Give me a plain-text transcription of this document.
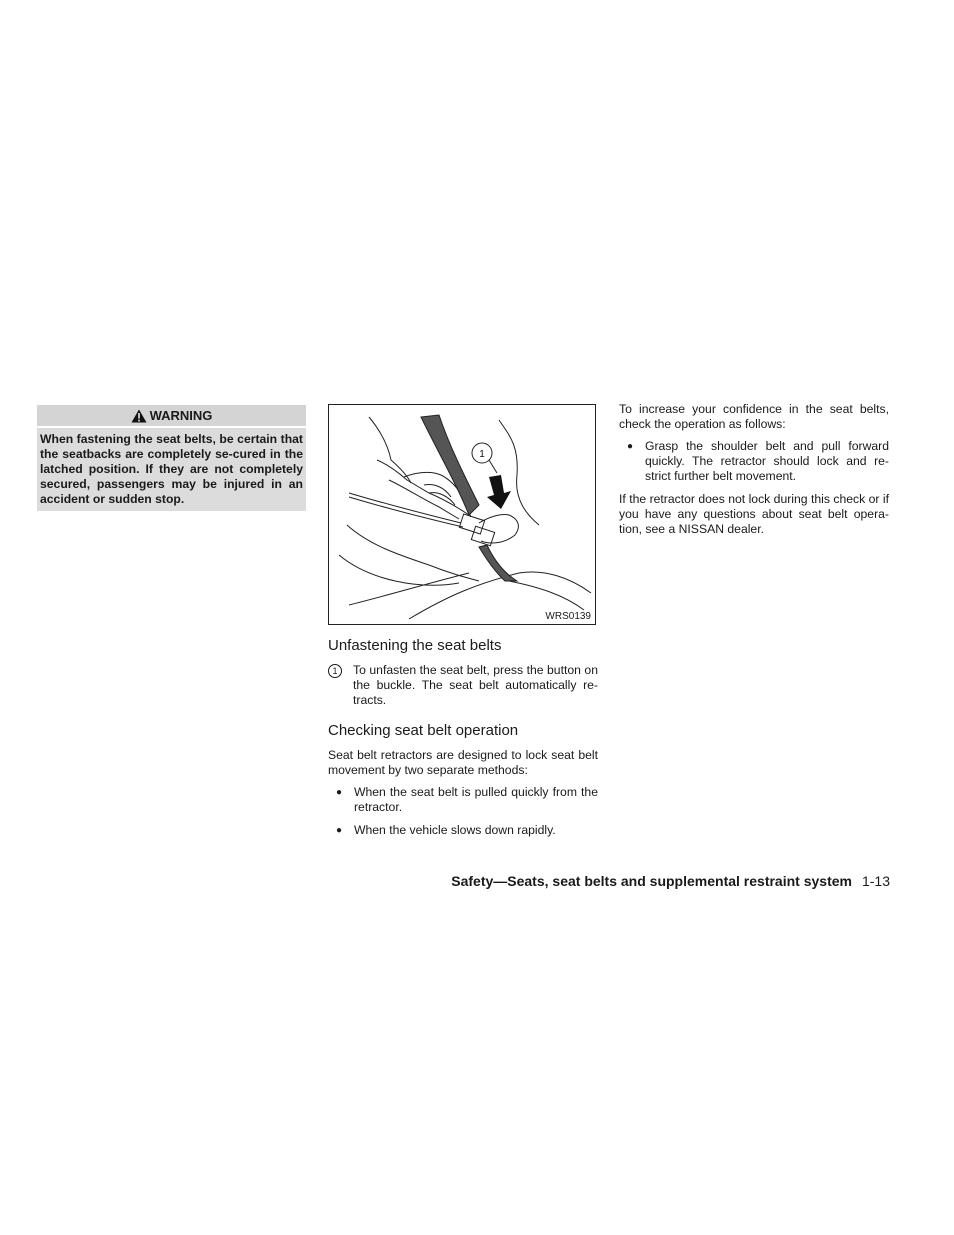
WARNING
When fastening the seat belts, be certain that the seatbacks are completely se-cured in the latched position. If they are not completely secured, passengers may be injured in an accident or sudden stop.
1
WRS0139
Unfastening the seat belts
1	To unfasten the seat belt, press the button on the buckle. The seat belt automatically re-tracts.
Checking seat belt operation

Seat belt retractors are designed to lock seat belt movement by two separate methods:

● When the seat belt is pulled quickly from the retractor.
● When the vehicle slows down rapidly.

To increase your confidence in the seat belts, check the operation as follows:

● Grasp the shoulder belt and pull forward quickly. The retractor should lock and re-strict further belt movement.

If the retractor does not lock during this check or if you have any questions about seat belt opera-tion, see a NISSAN dealer.

Safety—Seats, seat belts and supplemental restraint system 1-13
